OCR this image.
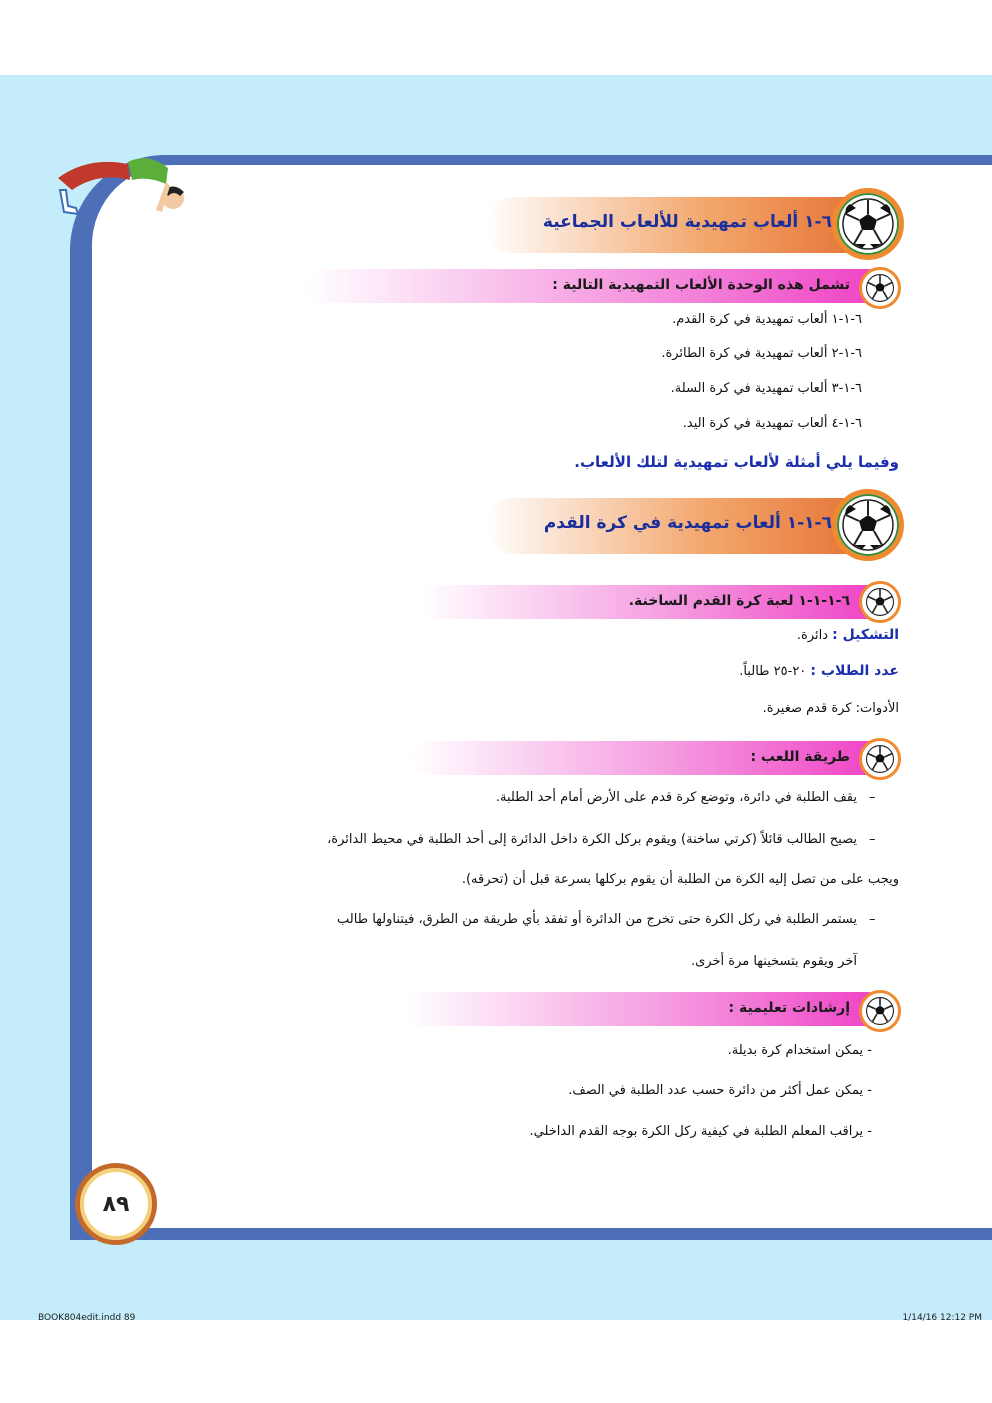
٦-١ ألعاب تمهيدية للألعاب الجماعية
تشمل هذه الوحدة الألعاب التمهيدية التالية :
٦-١-١ ألعاب تمهيدية في كرة القدم.
٦-١-٢ ألعاب تمهيدية في كرة الطائرة.
٦-١-٣ ألعاب تمهيدية في كرة السلة.
٦-١-٤ ألعاب تمهيدية في كرة اليد.
وفيما يلي أمثلة لألعاب تمهيدية لتلك الألعاب.
٦-١-١ ألعاب تمهيدية في كرة القدم
٦-١-١-١ لعبة كرة القدم الساخنة.
التشكيل : دائرة.
عدد الطلاب : ٢٠-٢٥ طالباً.
الأدوات: كرة قدم صغيرة.
طريقة اللعب :
–
يقف الطلبة في دائرة، وتوضع كرة قدم على الأرض أمام أحد الطلبة.
–
يصيح الطالب قائلاً (كرتي ساخنة) ويقوم بركل الكرة داخل الدائرة إلى أحد الطلبة في محيط الدائرة،
ويجب على من تصل إليه الكرة من الطلبة أن يقوم بركلها بسرعة قبل أن (تحرقه).
–
يستمر الطلبة في ركل الكرة حتى تخرج من الدائرة أو تفقد بأي طريقة من الطرق، فيتناولها طالب
آخر ويقوم بتسخينها مرة أخرى.
إرشادات تعليمية :
- يمكن استخدام كرة بديلة.
- يمكن عمل أكثر من دائرة حسب عدد الطلبة في الصف.
- يراقب المعلم الطلبة في كيفية ركل الكرة بوجه القدم الداخلي.
٨٩
BOOK804edit.indd 89	1/14/16 12:12 PM
